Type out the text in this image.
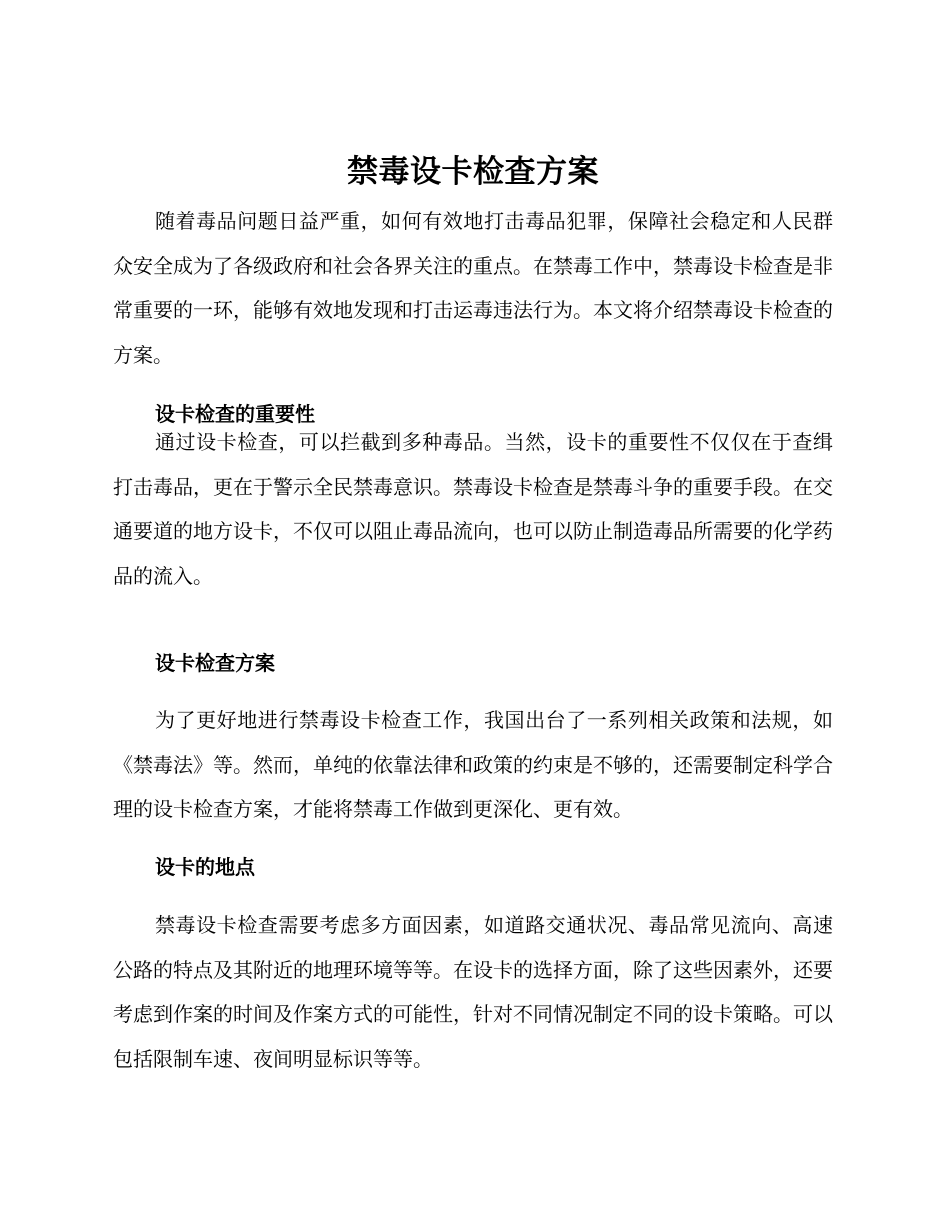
禁毒设卡检查方案

随着毒品问题日益严重，如何有效地打击毒品犯罪，保障社会稳定和人民群众安全成为了各级政府和社会各界关注的重点。在禁毒工作中，禁毒设卡检查是非常重要的一环，能够有效地发现和打击运毒违法行为。本文将介绍禁毒设卡检查的方案。

设卡检查的重要性

通过设卡检查，可以拦截到多种毒品。当然，设卡的重要性不仅仅在于查缉打击毒品，更在于警示全民禁毒意识。禁毒设卡检查是禁毒斗争的重要手段。在交通要道的地方设卡，不仅可以阻止毒品流向，也可以防止制造毒品所需要的化学药品的流入。

设卡检查方案

为了更好地进行禁毒设卡检查工作，我国出台了一系列相关政策和法规，如《禁毒法》等。然而，单纯的依靠法律和政策的约束是不够的，还需要制定科学合理的设卡检查方案，才能将禁毒工作做到更深化、更有效。

设卡的地点

禁毒设卡检查需要考虑多方面因素，如道路交通状况、毒品常见流向、高速公路的特点及其附近的地理环境等等。在设卡的选择方面，除了这些因素外，还要考虑到作案的时间及作案方式的可能性，针对不同情况制定不同的设卡策略。可以包括限制车速、夜间明显标识等等。
